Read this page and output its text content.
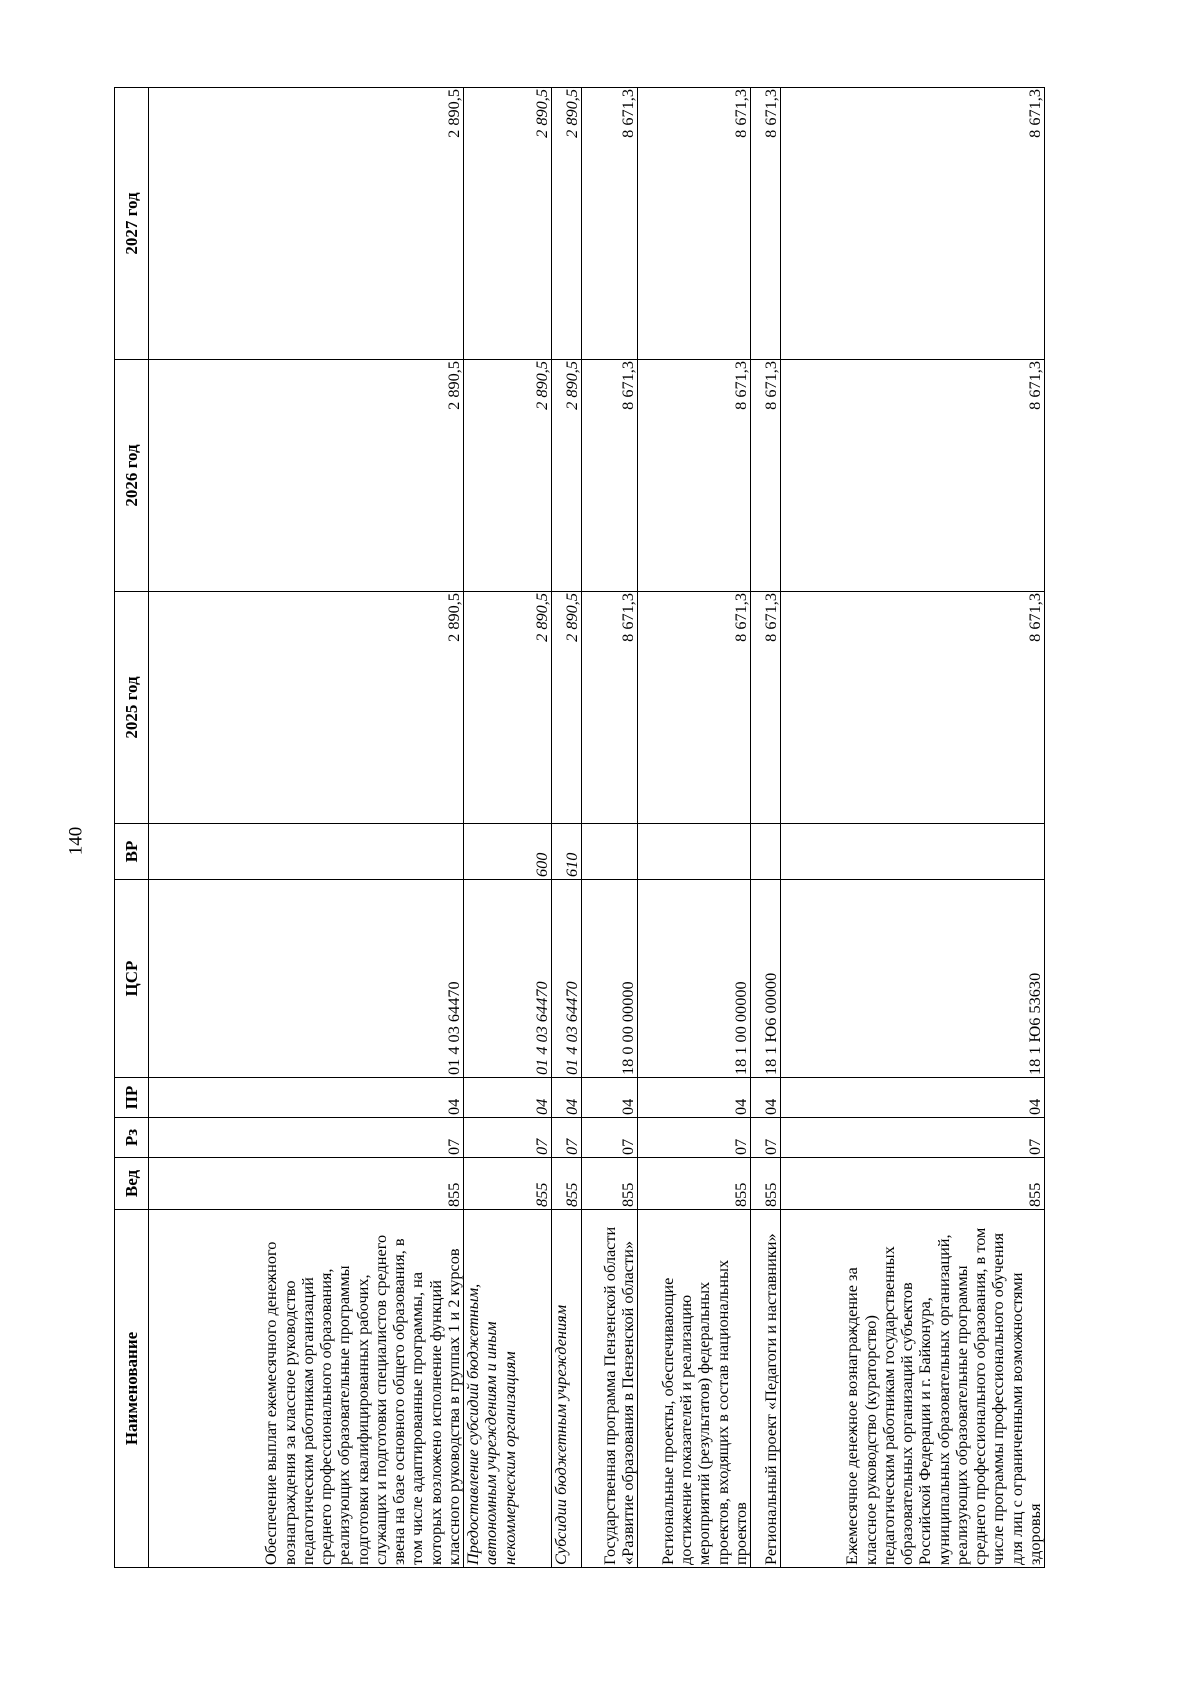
140
Наименование	Вед	Рз	ПР	ЦСР	ВР	2025 год	2026 год	2027 год
Обеспечение выплат ежемесячного денежного вознаграждения за классное руководство педагогическим работникам организаций среднего профессионального образования, реализующих образовательные программы подготовки квалифицированных рабочих, служащих и подготовки специалистов среднего звена на базе основного общего образования, в том числе адаптированные программы, на которых возложено исполнение функций классного руководства в группах 1 и 2 курсов	855	07	04	01 4 03 64470		2 890,5	2 890,5	2 890,5
Предоставление субсидий бюджетным, автономным учреждениям и иным некоммерческим организациям	855	07	04	01 4 03 64470	600	2 890,5	2 890,5	2 890,5
Субсидии бюджетным учреждениям	855	07	04	01 4 03 64470	610	2 890,5	2 890,5	2 890,5
Государственная программа Пензенской области «Развитие образования в Пензенской области»	855	07	04	18 0 00 00000		8 671,3	8 671,3	8 671,3
Региональные проекты, обеспечивающие достижение показателей и реализацию мероприятий (результатов) федеральных проектов, входящих в состав национальных проектов	855	07	04	18 1 00 00000		8 671,3	8 671,3	8 671,3
Региональный проект «Педагоги и наставники»	855	07	04	18 1 Ю6 00000		8 671,3	8 671,3	8 671,3
Ежемесячное денежное вознаграждение за классное руководство (кураторство) педагогическим работникам государственных образовательных организаций субъектов Российской Федерации и г. Байконура, муниципальных образовательных организаций, реализующих образовательные программы среднего профессионального образования, в том числе программы профессионального обучения для лиц с ограниченными возможностями здоровья	855	07	04	18 1 Ю6 53630		8 671,3	8 671,3	8 671,3
